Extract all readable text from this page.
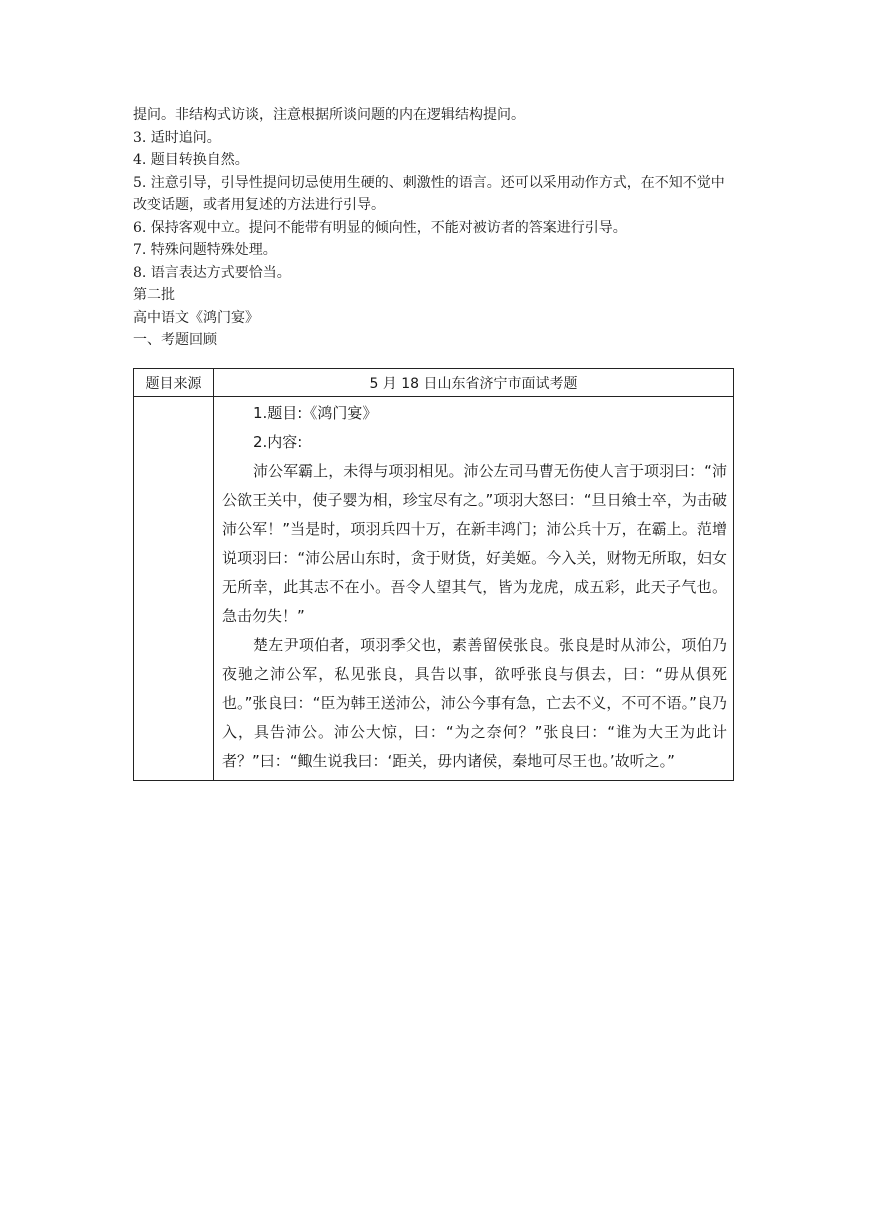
提问。非结构式访谈，注意根据所谈问题的内在逻辑结构提问。

3. 适时追问。

4. 题目转换自然。

5. 注意引导，引导性提问切忌使用生硬的、刺激性的语言。还可以采用动作方式，在不知不觉中改变话题，或者用复述的方法进行引导。

6. 保持客观中立。提问不能带有明显的倾向性，不能对被访者的答案进行引导。

7. 特殊问题特殊处理。

8. 语言表达方式要恰当。

第二批

高中语文《鸿门宴》

一、考题回顾

题目来源	5 月 18 日山东省济宁市面试考题

	1.题目:《鸿门宴》

2.内容:

沛公军霸上，未得与项羽相见。沛公左司马曹无伤使人言于项羽曰：“沛公欲王关中，使子婴为相，珍宝尽有之。”项羽大怒曰：“旦日飨士卒，为击破沛公军！”当是时，项羽兵四十万，在新丰鸿门；沛公兵十万，在霸上。范增说项羽曰：“沛公居山东时，贪于财货，好美姬。今入关，财物无所取，妇女无所幸，此其志不在小。吾令人望其气，皆为龙虎，成五彩，此天子气也。急击勿失！”

楚左尹项伯者，项羽季父也，素善留侯张良。张良是时从沛公，项伯乃夜驰之沛公军，私见张良，具告以事，欲呼张良与俱去，曰：“毋从俱死也。”张良曰：“臣为韩王送沛公，沛公今事有急，亡去不义，不可不语。”良乃入，具告沛公。沛公大惊，曰：“为之奈何？”张良曰：“谁为大王为此计者？”曰：“鲰生说我曰：‘距关，毋内诸侯，秦地可尽王也。’故听之。”
